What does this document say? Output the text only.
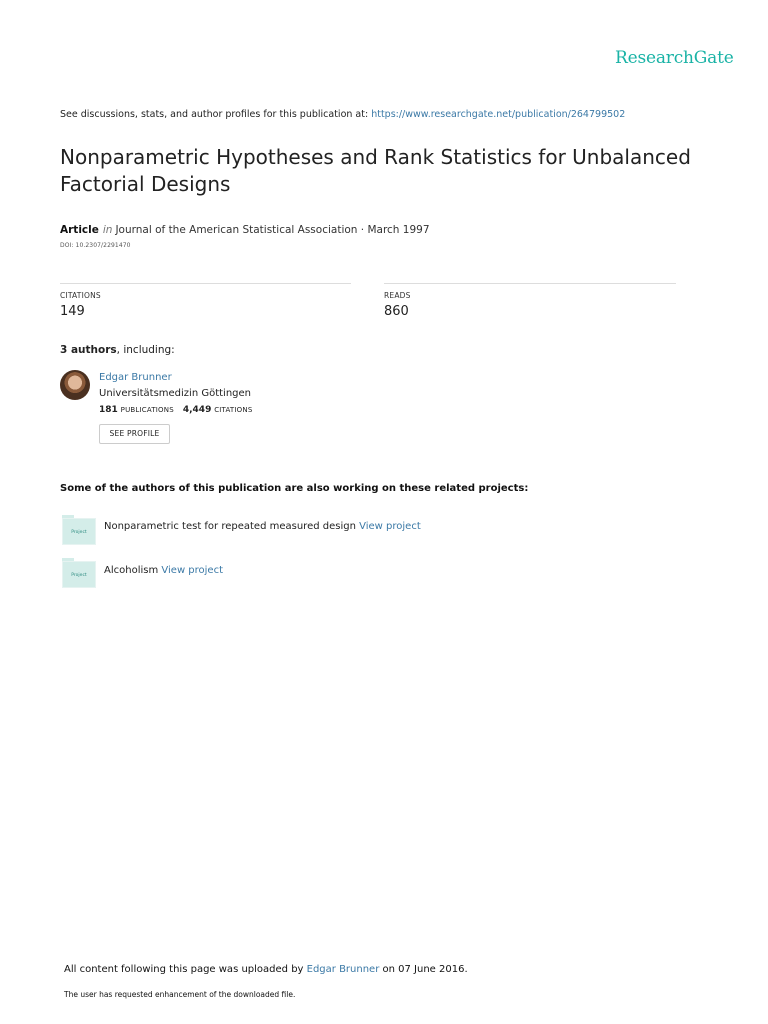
ResearchGate
See discussions, stats, and author profiles for this publication at: https://www.researchgate.net/publication/264799502
Nonparametric Hypotheses and Rank Statistics for Unbalanced Factorial Designs
Article in Journal of the American Statistical Association · March 1997
DOI: 10.2307/2291470
CITATIONS
149
READS
860
3 authors, including:
Edgar Brunner
Universitätsmedizin Göttingen
181 PUBLICATIONS 4,449 CITATIONS
SEE PROFILE
Some of the authors of this publication are also working on these related projects:
Project
Nonparametric test for repeated measured design View project
Project	Alcoholism View project
All content following this page was uploaded by Edgar Brunner on 07 June 2016.
The user has requested enhancement of the downloaded file.
